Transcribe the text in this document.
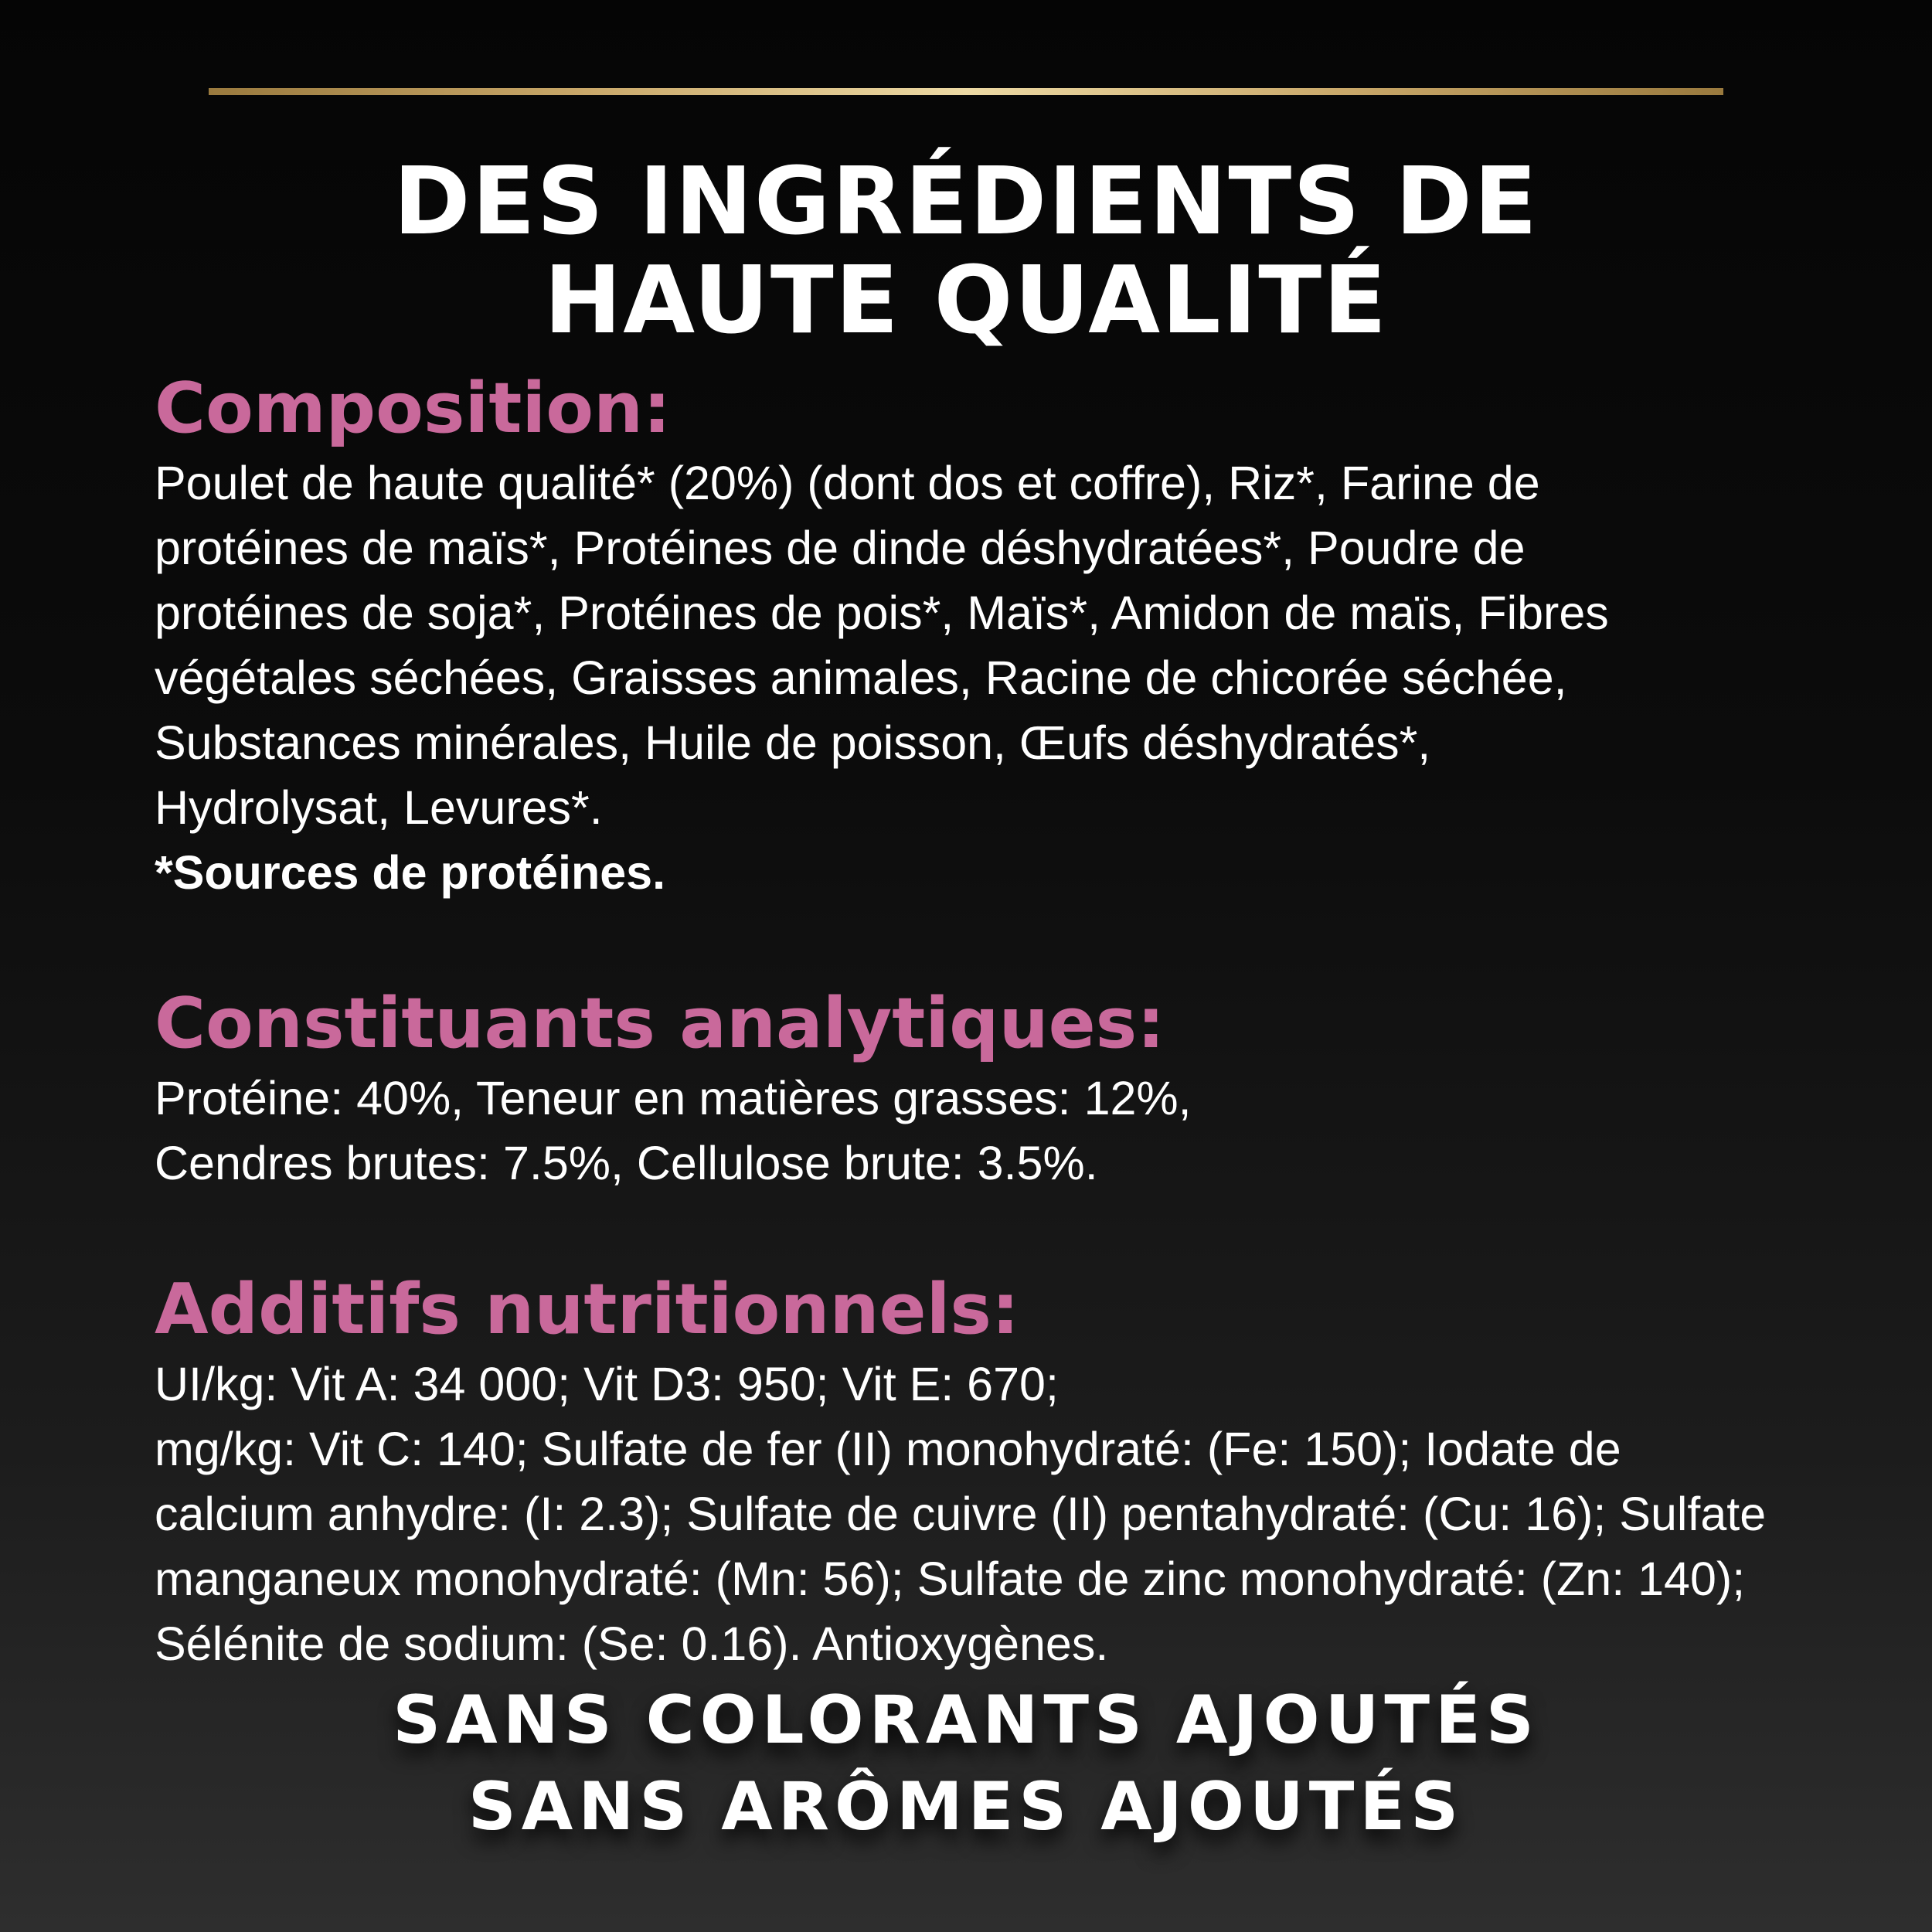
DES INGRÉDIENTS DE
HAUTE QUALITÉ
Composition:

Poulet de haute qualité* (20%) (dont dos et coffre), Riz*, Farine de
protéines de maïs*, Protéines de dinde déshydratées*, Poudre de
protéines de soja*, Protéines de pois*, Maïs*, Amidon de maïs, Fibres
végétales séchées, Graisses animales, Racine de chicorée séchée,
Substances minérales, Huile de poisson, Œufs déshydratés*,
Hydrolysat, Levures*.
*Sources de protéines.

Constituants analytiques:

Protéine: 40%, Teneur en matières grasses: 12%,
Cendres brutes: 7.5%, Cellulose brute: 3.5%.

Additifs nutritionnels:

UI/kg: Vit A: 34 000; Vit D3: 950; Vit E: 670;
mg/kg: Vit C: 140; Sulfate de fer (II) monohydraté: (Fe: 150); Iodate de
calcium anhydre: (I: 2.3); Sulfate de cuivre (II) pentahydraté: (Cu: 16); Sulfate
manganeux monohydraté: (Mn: 56); Sulfate de zinc monohydraté: (Zn: 140);
Sélénite de sodium: (Se: 0.16). Antioxygènes.

SANS COLORANTS AJOUTÉS
SANS ARÔMES AJOUTÉS
